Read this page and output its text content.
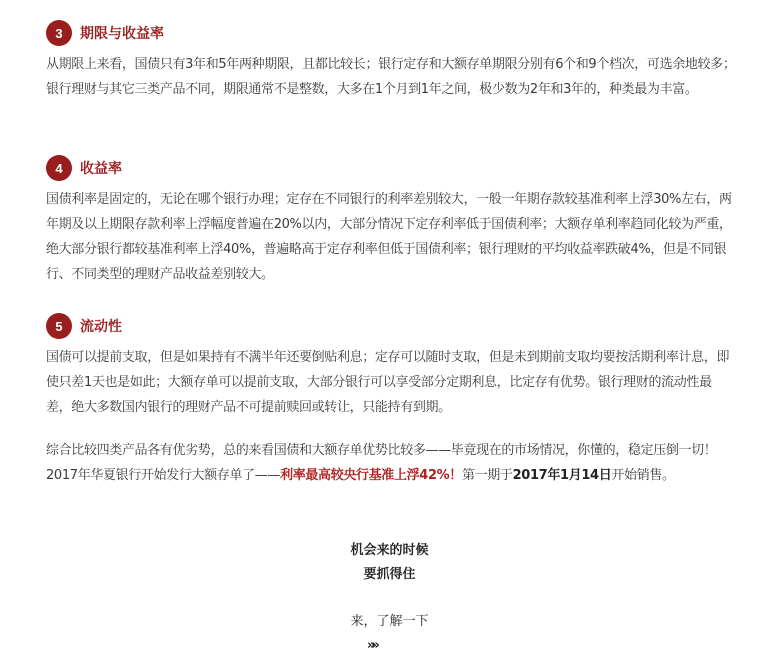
3	期限与收益率

从期限上来看，国债只有3年和5年两种期限，且都比较长；银行定存和大额存单期限分别有6个和9个档次，可选余地较多；银行理财与其它三类产品不同，期限通常不是整数，大多在1个月到1年之间，极少数为2年和3年的，种类最为丰富。

4	收益率

国债利率是固定的，无论在哪个银行办理；定存在不同银行的利率差别较大，一般一年期存款较基准利率上浮30%左右，两年期及以上期限存款利率上浮幅度普遍在20%以内，大部分情况下定存利率低于国债利率；大额存单利率趋同化较为严重，绝大部分银行都较基准利率上浮40%，普遍略高于定存利率但低于国债利率；银行理财的平均收益率跌破4%，但是不同银行、不同类型的理财产品收益差别较大。

5	流动性

国债可以提前支取，但是如果持有不满半年还要倒贴利息；定存可以随时支取，但是未到期前支取均要按活期利率计息，即使只差1天也是如此；大额存单可以提前支取，大部分银行可以享受部分定期利息，比定存有优势。银行理财的流动性最差，绝大多数国内银行的理财产品不可提前赎回或转让，只能持有到期。

综合比较四类产品各有优劣势，总的来看国债和大额存单优势比较多——毕竟现在的市场情况，你懂的，稳定压倒一切！2017年华夏银行开始发行大额存单了——利率最高较央行基准上浮42%！第一期于2017年1月14日开始销售。

机会来的时候

要抓得住

来，了解一下

»»
